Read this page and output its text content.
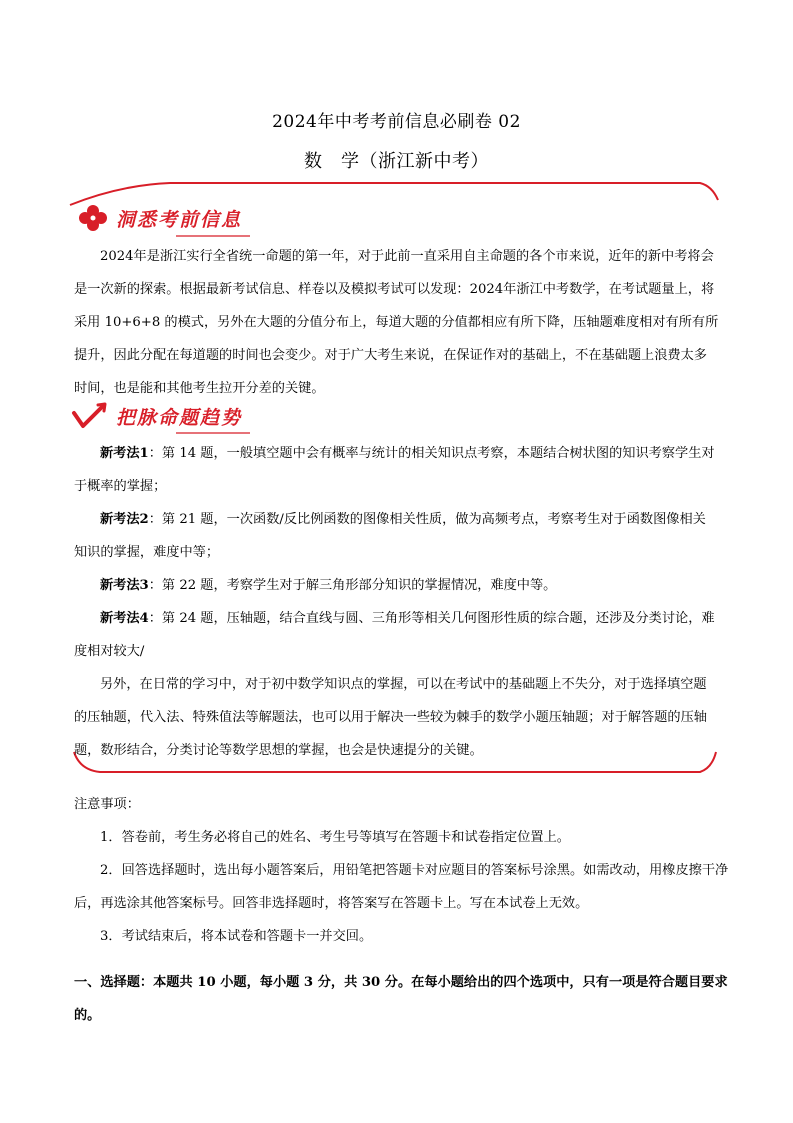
2024年中考考前信息必刷卷 02
数　学（浙江新中考）
洞悉考前信息
2024年是浙江实行全省统一命题的第一年，对于此前一直采用自主命题的各个市来说，近年的新中考将会是一次新的探索。根据最新考试信息、样卷以及模拟考试可以发现：2024年浙江中考数学，在考试题量上，将采用 10+6+8 的模式，另外在大题的分值分布上，每道大题的分值都相应有所下降，压轴题难度相对有所有所提升，因此分配在每道题的时间也会变少。对于广大考生来说，在保证作对的基础上，不在基础题上浪费太多时间，也是能和其他考生拉开分差的关键。
把脉命题趋势
新考法1：第 14 题，一般填空题中会有概率与统计的相关知识点考察，本题结合树状图的知识考察学生对于概率的掌握；
新考法2：第 21 题，一次函数/反比例函数的图像相关性质，做为高频考点，考察考生对于函数图像相关知识的掌握，难度中等；
新考法3：第 22 题，考察学生对于解三角形部分知识的掌握情况，难度中等。
新考法4：第 24 题，压轴题，结合直线与圆、三角形等相关几何图形性质的综合题，还涉及分类讨论，难度相对较大/
另外，在日常的学习中，对于初中数学知识点的掌握，可以在考试中的基础题上不失分，对于选择填空题的压轴题，代入法、特殊值法等解题法，也可以用于解决一些较为棘手的数学小题压轴题；对于解答题的压轴题，数形结合，分类讨论等数学思想的掌握，也会是快速提分的关键。
注意事项：
1．答卷前，考生务必将自己的姓名、考生号等填写在答题卡和试卷指定位置上。
2．回答选择题时，选出每小题答案后，用铅笔把答题卡对应题目的答案标号涂黑。如需改动，用橡皮擦干净后，再选涂其他答案标号。回答非选择题时，将答案写在答题卡上。写在本试卷上无效。
3．考试结束后，将本试卷和答题卡一并交回。
一、选择题：本题共 10 小题，每小题 3 分，共 30 分。在每小题给出的四个选项中，只有一项是符合题目要求的。
